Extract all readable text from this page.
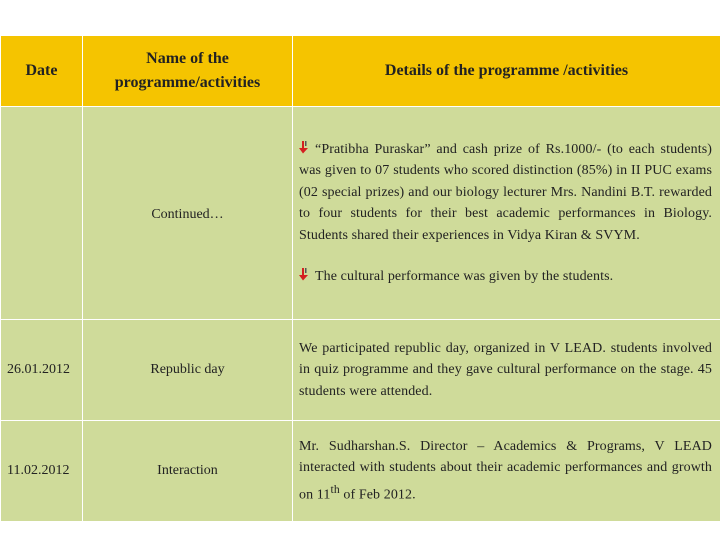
Date	Name of the programme/activities	Details of the programme /activities

	Continued…	“Pratibha Puraskar” and cash prize of Rs.1000/- (to each students) was given to 07 students who scored distinction (85%) in II PUC exams (02 special prizes) and our biology lecturer Mrs. Nandini B.T. rewarded to four students for their best academic performances in Biology. Students shared their experiences in Vidya Kiran & SVYM.

The cultural performance was given by the students.

26.01.2012	Republic day	We participated republic day, organized in V LEAD. students involved in quiz programme and they gave cultural performance on the stage. 45 students were attended.
11.02.2012	Interaction	Mr. Sudharshan.S. Director – Academics & Programs, V LEAD interacted with students about their academic performances and growth on 11th of Feb 2012.
